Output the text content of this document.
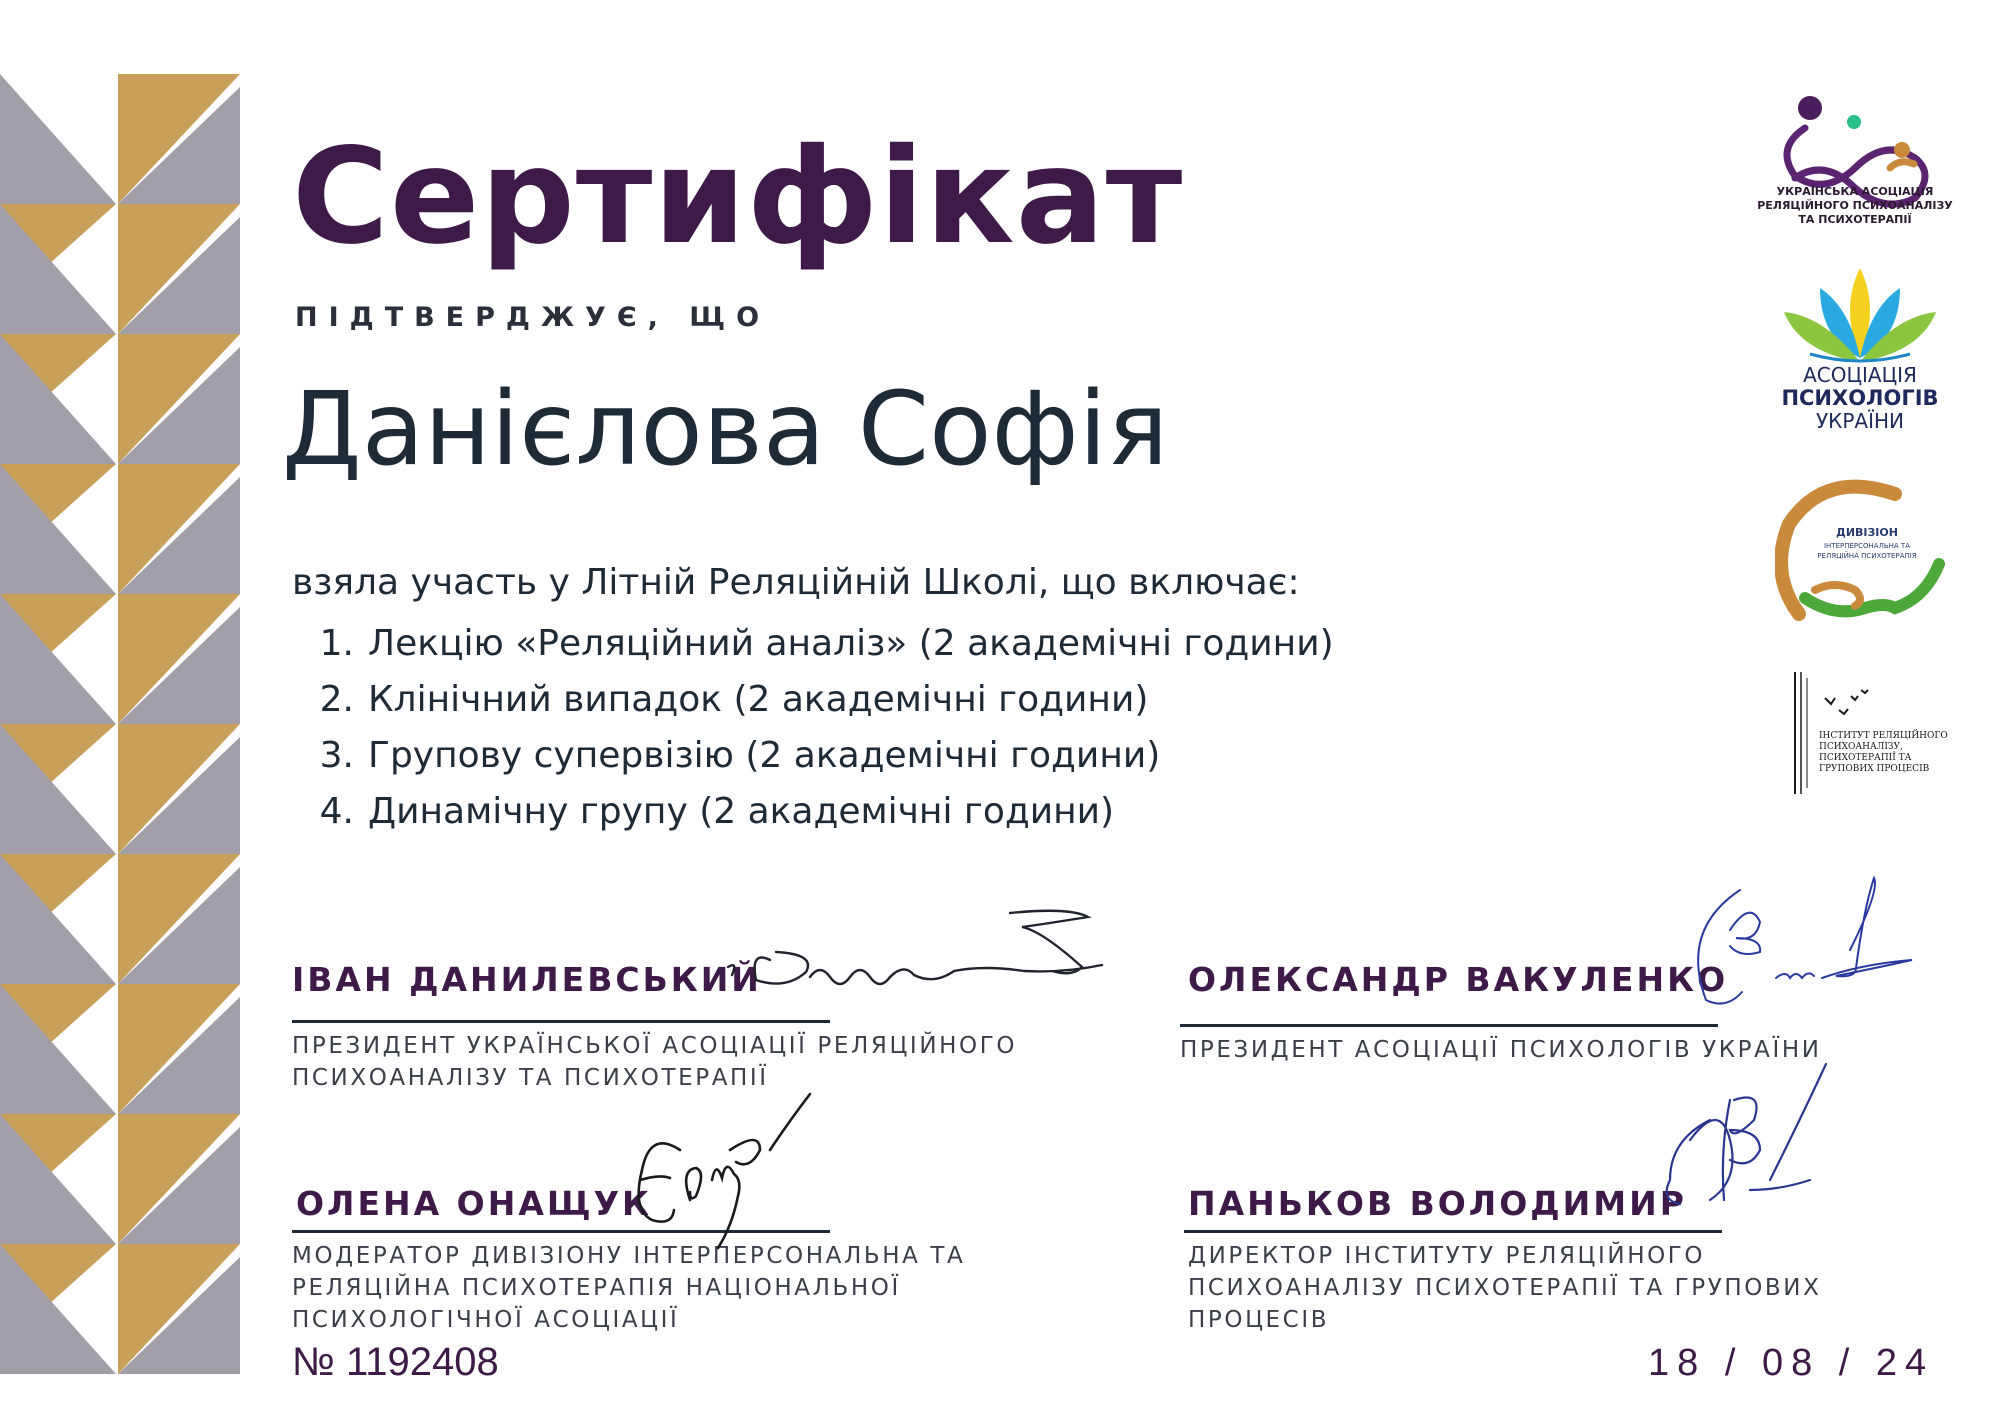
Сертифікат
ПІДТВЕРДЖУЄ, ЩО
Данієлова Софія
взяла участь у Літній Реляційній Школі, що включає:
1. Лекцію «Реляційний аналіз» (2 академічні години)
2. Клінічний випадок (2 академічні години)
3. Групову супервізію (2 академічні години)
4. Динамічну групу (2 академічні години)
ІВАН ДАНИЛЕВСЬКИЙ
ПРЕЗИДЕНТ УКРАЇНСЬКОЇ АСОЦІАЦІЇ РЕЛЯЦІЙНОГО
ПСИХОАНАЛІЗУ ТА ПСИХОТЕРАПІЇ
ОЛЕКСАНДР ВАКУЛЕНКО
ПРЕЗИДЕНТ АСОЦІАЦІЇ ПСИХОЛОГІВ УКРАЇНИ
ОЛЕНА ОНАЩУК
МОДЕРАТОР ДИВІЗІОНУ ІНТЕРПЕРСОНАЛЬНА ТА
РЕЛЯЦІЙНА ПСИХОТЕРАПІЯ НАЦІОНАЛЬНОЇ
ПСИХОЛОГІЧНОЇ АСОЦІАЦІЇ
ПАНЬКОВ ВОЛОДИМИР
ДИРЕКТОР ІНСТИТУТУ РЕЛЯЦІЙНОГО
ПСИХОАНАЛІЗУ ПСИХОТЕРАПІЇ ТА ГРУПОВИХ
ПРОЦЕСІВ
№ 1192408	18 / 08 / 24
УКРАЇНСЬКА АСОЦІАЦІЯ
РЕЛЯЦІЙНОГО ПСИХОАНАЛІЗУ
ТА ПСИХОТЕРАПІЇ
АСОЦІАЦІЯ
ПСИХОЛОГІВ
УКРАЇНИ
ДИВІЗІОН
ІНТЕРПЕРСОНАЛЬНА ТА
РЕЛЯЦІЙНА ПСИХОТЕРАПІЯ
ІНСТИТУТ РЕЛЯЦІЙНОГО
ПСИХОАНАЛІЗУ,
ПСИХОТЕРАПІЇ ТА
ГРУПОВИХ ПРОЦЕСІВ
